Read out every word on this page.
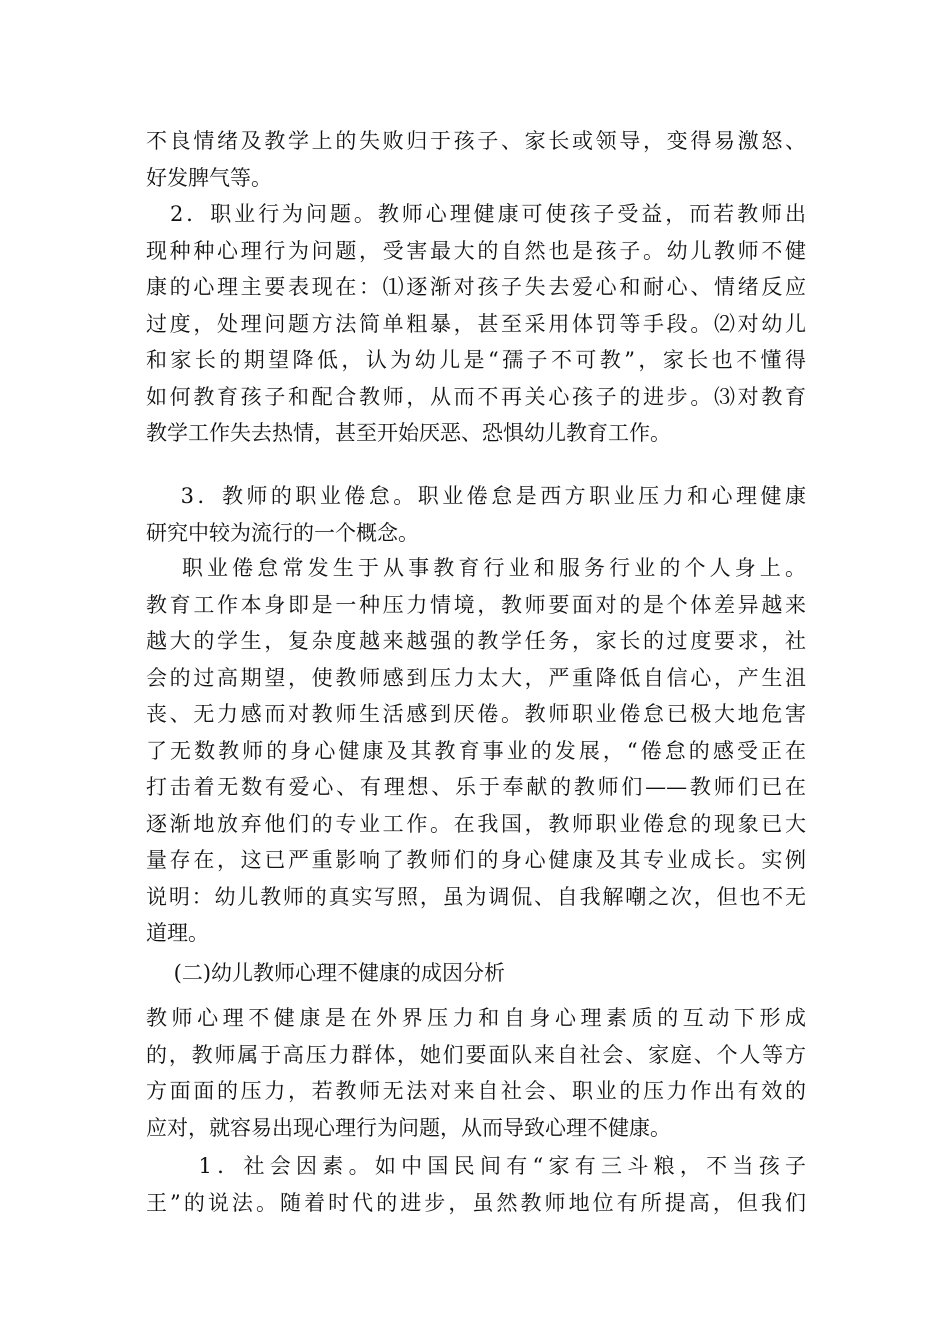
不良情绪及教学上的失败归于孩子、家长或领导，变得易激怒、
好发脾气等。
　2．职业行为问题。教师心理健康可使孩子受益，而若教师出
现种种心理行为问题，受害最大的自然也是孩子。幼儿教师不健
康的心理主要表现在：⑴逐渐对孩子失去爱心和耐心、情绪反应
过度，处理问题方法简单粗暴，甚至采用体罚等手段。⑵对幼儿
和家长的期望降低，认为幼儿是“孺子不可教”，家长也不懂得
如何教育孩子和配合教师，从而不再关心孩子的进步。⑶对教育
教学工作失去热情，甚至开始厌恶、恐惧幼儿教育工作。
　 3．教师的职业倦怠。职业倦怠是西方职业压力和心理健康
研究中较为流行的一个概念。
　 职业倦怠常发生于从事教育行业和服务行业的个人身上。
教育工作本身即是一种压力情境，教师要面对的是个体差异越来
越大的学生，复杂度越来越强的教学任务，家长的过度要求，社
会的过高期望，使教师感到压力太大，严重降低自信心，产生沮
丧、无力感而对教师生活感到厌倦。教师职业倦怠已极大地危害
了无数教师的身心健康及其教育事业的发展，“倦怠的感受正在
打击着无数有爱心、有理想、乐于奉献的教师们——教师们已在
逐渐地放弃他们的专业工作。在我国，教师职业倦怠的现象已大
量存在，这已严重影响了教师们的身心健康及其专业成长。实例
说明：幼儿教师的真实写照，虽为调侃、自我解嘲之次，但也不无
道理。
　 (二)幼儿教师心理不健康的成因分析
教师心理不健康是在外界压力和自身心理素质的互动下形成
的，教师属于高压力群体，她们要面队来自社会、家庭、个人等方
方面面的压力，若教师无法对来自社会、职业的压力作出有效的
应对，就容易出现心理行为问题，从而导致心理不健康。
　　1．社会因素。如中国民间有“家有三斗粮，不当孩子
王”的说法。随着时代的进步，虽然教师地位有所提高，但我们
